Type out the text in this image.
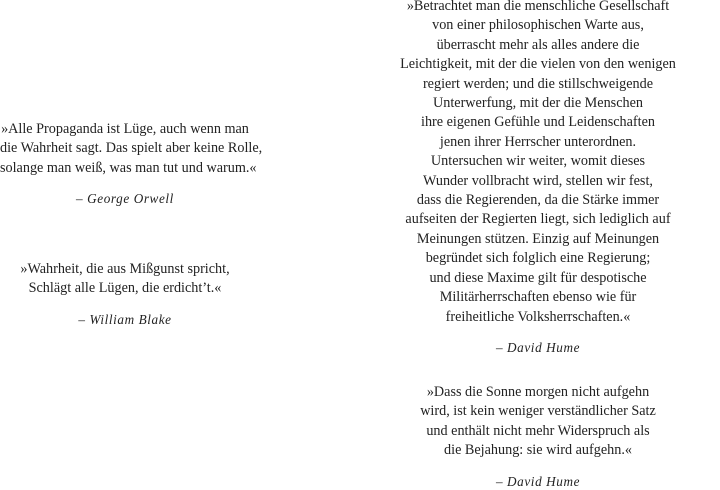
»Alle Propaganda ist Lüge, auch wenn man
die Wahrheit sagt. Das spielt aber keine Rolle,
solange man weiß, was man tut und warum.«
– George Orwell
»Wahrheit, die aus Mißgunst spricht,
Schlägt alle Lügen, die erdicht’t.«
– William Blake
»Betrachtet man die menschliche Gesellschaft
von einer philosophischen Warte aus,
überrascht mehr als alles andere die
Leichtigkeit, mit der die vielen von den wenigen
regiert werden; und die stillschweigende
Unterwerfung, mit der die Menschen
ihre eigenen Gefühle und Leidenschaften
jenen ihrer Herrscher unterordnen.
Untersuchen wir weiter, womit dieses
Wunder vollbracht wird, stellen wir fest,
dass die Regierenden, da die Stärke immer
aufseiten der Regierten liegt, sich lediglich auf
Meinungen stützen. Einzig auf Meinungen
begründet sich folglich eine Regierung;
und diese Maxime gilt für despotische
Militärherrschaften ebenso wie für
freiheitliche Volksherrschaften.«
– David Hume
»Dass die Sonne morgen nicht aufgehn
wird, ist kein weniger verständlicher Satz
und enthält nicht mehr Widerspruch als
die Bejahung: sie wird aufgehn.«
– David Hume
